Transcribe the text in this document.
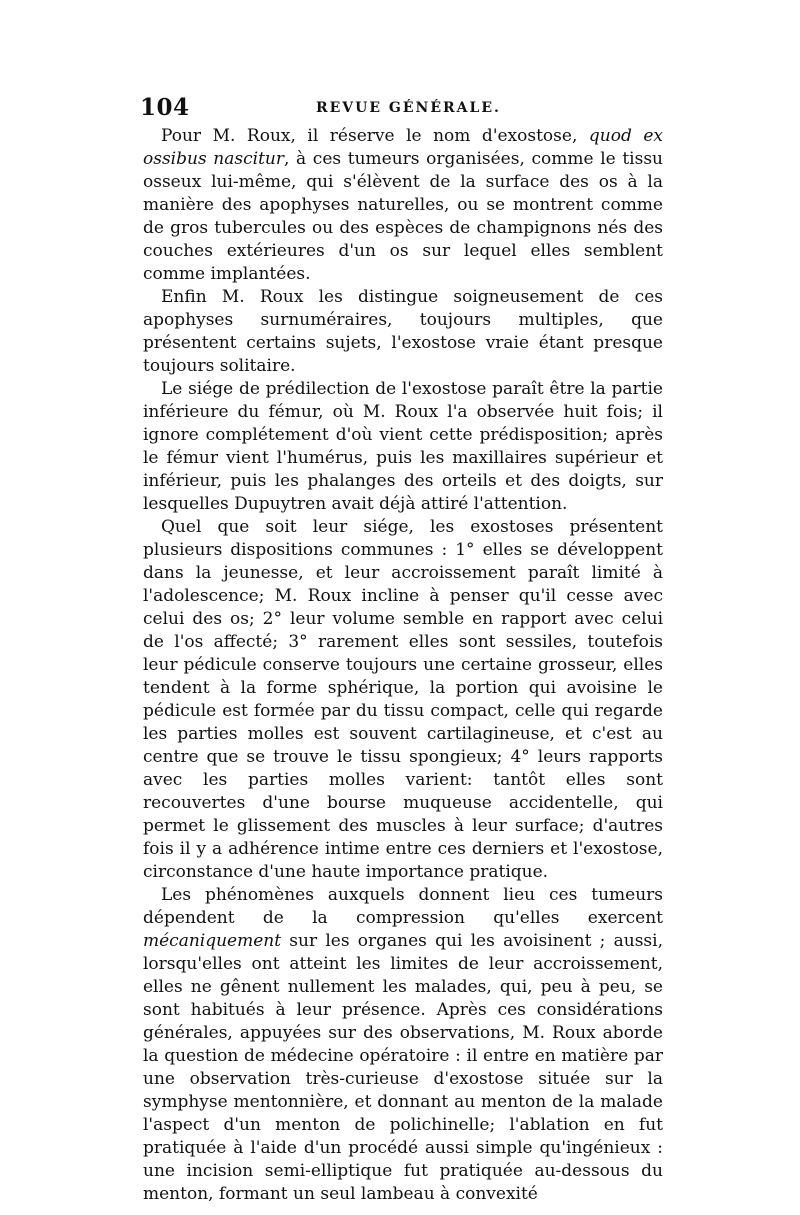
104	REVUE GÉNÉRALE.

Pour M. Roux, il réserve le nom d'exostose, quod ex ossibus nascitur, à ces tumeurs organisées, comme le tissu osseux lui-même, qui s'élèvent de la surface des os à la manière des apophyses naturelles, ou se montrent comme de gros tubercules ou des espèces de champignons nés des couches extérieures d'un os sur lequel elles semblent comme implantées.

Enfin M. Roux les distingue soigneusement de ces apophyses surnuméraires, toujours multiples, que présentent certains sujets, l'exostose vraie étant presque toujours solitaire.

Le siége de prédilection de l'exostose paraît être la partie inférieure du fémur, où M. Roux l'a observée huit fois; il ignore complétement d'où vient cette prédisposition; après le fémur vient l'humérus, puis les maxillaires supérieur et inférieur, puis les phalanges des orteils et des doigts, sur lesquelles Dupuytren avait déjà attiré l'attention.

Quel que soit leur siége, les exostoses présentent plusieurs dispositions communes : 1° elles se développent dans la jeunesse, et leur accroissement paraît limité à l'adolescence; M. Roux incline à penser qu'il cesse avec celui des os; 2° leur volume semble en rapport avec celui de l'os affecté; 3° rarement elles sont sessiles, toutefois leur pédicule conserve toujours une certaine grosseur, elles tendent à la forme sphérique, la portion qui avoisine le pédicule est formée par du tissu compact, celle qui regarde les parties molles est souvent cartilagineuse, et c'est au centre que se trouve le tissu spongieux; 4° leurs rapports avec les parties molles varient: tantôt elles sont recouvertes d'une bourse muqueuse accidentelle, qui permet le glissement des muscles à leur surface; d'autres fois il y a adhérence intime entre ces derniers et l'exostose, circonstance d'une haute importance pratique.

Les phénomènes auxquels donnent lieu ces tumeurs dépendent de la compression qu'elles exercent mécaniquement sur les organes qui les avoisinent ; aussi, lorsqu'elles ont atteint les limites de leur accroissement, elles ne gênent nullement les malades, qui, peu à peu, se sont habitués à leur présence. Après ces considérations générales, appuyées sur des observations, M. Roux aborde la question de médecine opératoire : il entre en matière par une observation très-curieuse d'exostose située sur la symphyse mentonnière, et donnant au menton de la malade l'aspect d'un menton de polichinelle; l'ablation en fut pratiquée à l'aide d'un procédé aussi simple qu'ingénieux : une incision semi-elliptique fut pratiquée au-dessous du menton, formant un seul lambeau à convexité
